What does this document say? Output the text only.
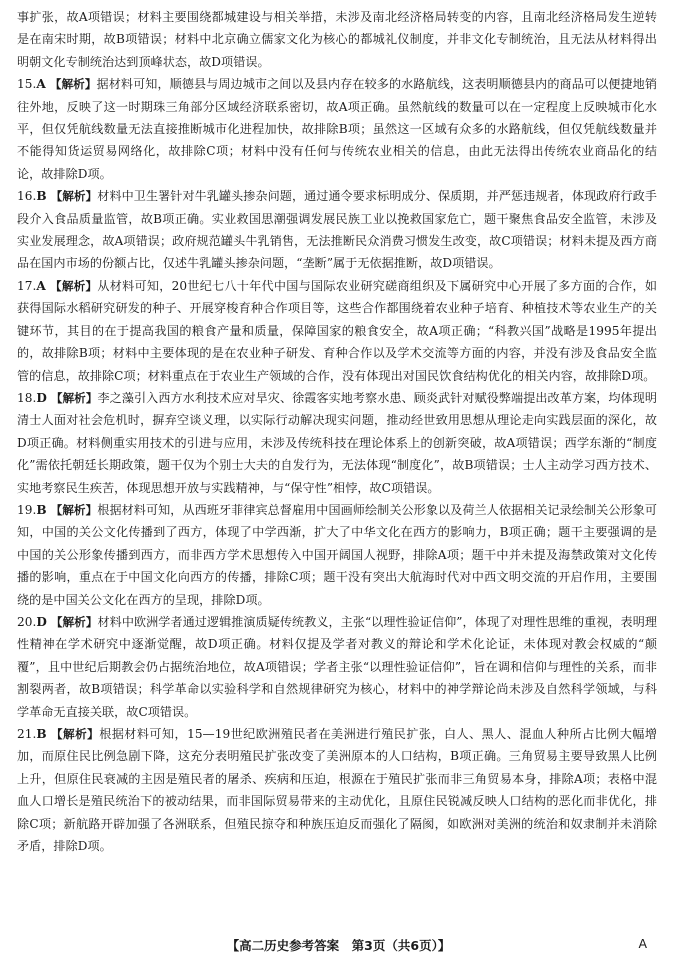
事扩张，故A项错误；材料主要围绕都城建设与相关举措，未涉及南北经济格局转变的内容，且南北经济格局发生逆转是在南宋时期，故B项错误；材料中北京确立儒家文化为核心的都城礼仪制度，并非文化专制统治，且无法从材料得出明朝文化专制统治达到顶峰状态，故D项错误。

15.A 【解析】据材料可知，顺德县与周边城市之间以及县内存在较多的水路航线，这表明顺德县内的商品可以便捷地销往外地，反映了这一时期珠三角部分区域经济联系密切，故A项正确。虽然航线的数量可以在一定程度上反映城市化水平，但仅凭航线数量无法直接推断城市化进程加快，故排除B项；虽然这一区域有众多的水路航线，但仅凭航线数量并不能得知货运贸易网络化，故排除C项；材料中没有任何与传统农业相关的信息，由此无法得出传统农业商品化的结论，故排除D项。

16.B 【解析】材料中卫生署针对牛乳罐头掺杂问题，通过通令要求标明成分、保质期，并严惩违规者，体现政府行政手段介入食品质量监管，故B项正确。实业救国思潮强调发展民族工业以挽救国家危亡，题干聚焦食品安全监管，未涉及实业发展理念，故A项错误；政府规范罐头牛乳销售，无法推断民众消费习惯发生改变，故C项错误；材料未提及西方商品在国内市场的份额占比，仅述牛乳罐头掺杂问题，“垄断”属于无依据推断，故D项错误。

17.A 【解析】从材料可知，20世纪七八十年代中国与国际农业研究磋商组织及下属研究中心开展了多方面的合作，如获得国际水稻研究研发的种子、开展穿梭育种合作项目等，这些合作都围绕着农业种子培育、种植技术等农业生产的关键环节，其目的在于提高我国的粮食产量和质量，保障国家的粮食安全，故A项正确；“科教兴国”战略是1995年提出的，故排除B项；材料中主要体现的是在农业种子研发、育种合作以及学术交流等方面的内容，并没有涉及食品安全监管的信息，故排除C项；材料重点在于农业生产领域的合作，没有体现出对国民饮食结构优化的相关内容，故排除D项。

18.D 【解析】李之藻引入西方水利技术应对旱灾、徐霞客实地考察水患、顾炎武针对赋役弊端提出改革方案，均体现明清士人面对社会危机时，摒弃空谈义理，以实际行动解决现实问题，推动经世致用思想从理论走向实践层面的深化，故D项正确。材料侧重实用技术的引进与应用，未涉及传统科技在理论体系上的创新突破，故A项错误；西学东渐的“制度化”需依托朝廷长期政策，题干仅为个别士大夫的自发行为，无法体现“制度化”，故B项错误；士人主动学习西方技术、实地考察民生疾苦，体现思想开放与实践精神，与“保守性”相悖，故C项错误。

19.B 【解析】根据材料可知，从西班牙菲律宾总督雇用中国画师绘制关公形象以及荷兰人依据相关记录绘制关公形象可知，中国的关公文化传播到了西方，体现了中学西渐，扩大了中华文化在西方的影响力，B项正确；题干主要强调的是中国的关公形象传播到西方，而非西方学术思想传入中国开阔国人视野，排除A项；题干中并未提及海禁政策对文化传播的影响，重点在于中国文化向西方的传播，排除C项；题干没有突出大航海时代对中西文明交流的开启作用，主要围绕的是中国关公文化在西方的呈现，排除D项。

20.D 【解析】材料中欧洲学者通过逻辑推演质疑传统教义，主张“以理性验证信仰”，体现了对理性思维的重视，表明理性精神在学术研究中逐渐觉醒，故D项正确。材料仅提及学者对教义的辩论和学术化论证，未体现对教会权威的“颠覆”，且中世纪后期教会仍占据统治地位，故A项错误；学者主张“以理性验证信仰”，旨在调和信仰与理性的关系，而非割裂两者，故B项错误；科学革命以实验科学和自然规律研究为核心，材料中的神学辩论尚未涉及自然科学领域，与科学革命无直接关联，故C项错误。

21.B 【解析】根据材料可知，15—19世纪欧洲殖民者在美洲进行殖民扩张，白人、黑人、混血人种所占比例大幅增加，而原住民比例急剧下降，这充分表明殖民扩张改变了美洲原本的人口结构，B项正确。三角贸易主要导致黑人比例上升，但原住民衰减的主因是殖民者的屠杀、疾病和压迫，根源在于殖民扩张而非三角贸易本身，排除A项；表格中混血人口增长是殖民统治下的被动结果，而非国际贸易带来的主动优化，且原住民锐减反映人口结构的恶化而非优化，排除C项；新航路开辟加强了各洲联系，但殖民掠夺和种族压迫反而强化了隔阂，如欧洲对美洲的统治和奴隶制并未消除矛盾，排除D项。

【高二历史参考答案　第3页（共6页）】	A
